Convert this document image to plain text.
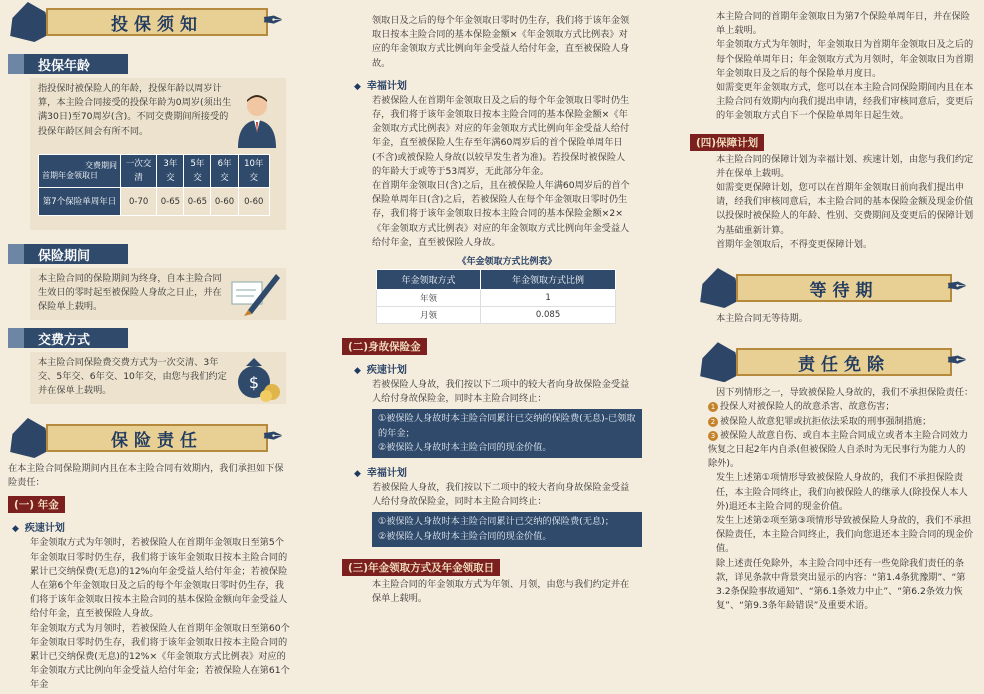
投保须知 ✒
投保年龄
指投保时被保险人的年龄，投保年龄以周岁计算，本主险合同接受的投保年龄为0周岁(须出生满30日)至70周岁(含)。不同交费期间所接受的投保年龄区间会有所不同。
交费期间
首期年金领取日	一次交清	3年交	5年交	6年交	10年交
第7个保险单周年日	0-70	0-65	0-65	0-60	0-60
保险期间
本主险合同的保险期间为终身，自本主险合同生效日的零时起至被保险人身故之日止，并在保险单上载明。
交费方式
本主险合同保险费交费方式为一次交清、3年交、5年交、6年交、10年交，由您与我们约定并在保单上载明。	$
保险责任 ✒
在本主险合同保险期间内且在本主险合同有效期内，我们承担如下保险责任：
(一) 年金
◆ 疾速计划
年金领取方式为年领时，若被保险人在首期年金领取日至第5个年金领取日零时仍生存，我们将于该年金领取日按本主险合同的累计已交纳保费(无息)的12%向年金受益人给付年金；若被保险人在第6个年金领取日及之后的每个年金领取日零时仍生存，我们将于该年金领取日按本主险合同的基本保险金额向年金受益人给付年金，直至被保险人身故。
年金领取方式为月领时，若被保险人在首期年金领取日至第60个年金领取日零时仍生存，我们将于该年金领取日按本主险合同的累计已交纳保费(无息)的12%×《年金领取方式比例表》对应的年金领取方式比例向年金受益人给付年金；若被保险人在第61个年金
领取日及之后的每个年金领取日零时仍生存，我们将于该年金领取日按本主险合同的基本保险金额×《年金领取方式比例表》对应的年金领取方式比例向年金受益人给付年金，直至被保险人身故。
◆ 幸福计划
若被保险人在首期年金领取日及之后的每个年金领取日零时仍生存，我们将于该年金领取日按本主险合同的基本保险金额×《年金领取方式比例表》对应的年金领取方式比例向年金受益人给付年金，直至被保险人生存至年满60周岁后的首个保险单周年日(不含)或被保险人身故(以较早发生者为准)。若投保时被保险人的年龄大于或等于53周岁，无此部分年金。
在首期年金领取日(含)之后，且在被保险人年满60周岁后的首个保险单周年日(含)之后，若被保险人在每个年金领取日零时仍生存，我们将于该年金领取日按本主险合同的基本保险金额×2×《年金领取方式比例表》对应的年金领取方式比例向年金受益人给付年金，直至被保险人身故。
《年金领取方式比例表》
年金领取方式	年金领取方式比例
年领	1
月领	0.085
(二)身故保险金
◆ 疾速计划
若被保险人身故，我们按以下二项中的较大者向身故保险金受益人给付身故保险金，同时本主险合同终止：
①被保险人身故时本主险合同累计已交纳的保险费(无息)-已领取的年金；
②被保险人身故时本主险合同的现金价值。
◆ 幸福计划
若被保险人身故，我们按以下二项中的较大者向身故保险金受益人给付身故保险金，同时本主险合同终止：
①被保险人身故时本主险合同累计已交纳的保险费(无息)；
②被保险人身故时本主险合同的现金价值。
(三)年金领取方式及年金领取日
本主险合同的年金领取方式为年领、月领，由您与我们约定并在保单上载明。
本主险合同的首期年金领取日为第7个保险单周年日，并在保险单上载明。
年金领取方式为年领时，年金领取日为首期年金领取日及之后的每个保险单周年日；年金领取方式为月领时，年金领取日为首期年金领取日及之后的每个保险单月度日。
如需变更年金领取方式，您可以在本主险合同保险期间内且在本主险合同有效期内向我们提出申请，经我们审核同意后，变更后的年金领取方式自下一个保险单周年日起生效。
(四)保障计划
本主险合同的保障计划为幸福计划、疾速计划，由您与我们约定并在保单上载明。
如需变更保障计划，您可以在首期年金领取日前向我们提出申请，经我们审核同意后，本主险合同的基本保险金额及现金价值以投保时被保险人的年龄、性别、交费期间及变更后的保障计划为基础重新计算。
首期年金领取后，不得变更保障计划。
等待期	✒
本主险合同无等待期。
责任免除 ✒
因下列情形之一，导致被保险人身故的，我们不承担保险责任：
1 投保人对被保险人的故意杀害、故意伤害；
2 被保险人故意犯罪或抗拒依法采取的刑事强制措施；
3 被保险人故意自伤、或自本主险合同成立或者本主险合同效力恢复之日起2年内自杀(但被保险人自杀时为无民事行为能力人的除外)。
发生上述第①项情形导致被保险人身故的，我们不承担保险责任，本主险合同终止，我们向被保险人的继承人(除投保人本人外)退还本主险合同的现金价值。
发生上述第②项至第③项情形导致被保险人身故的，我们不承担保险责任，本主险合同终止，我们向您退还本主险合同的现金价值。
除上述责任免除外，本主险合同中还有一些免除我们责任的条款，详见条款中背景突出显示的内容：“第1.4条犹豫期”、“第3.2条保险事故通知”、“第6.1条效力中止”、“第6.2条效力恢复”、“第9.3条年龄错误”及重要术语。
